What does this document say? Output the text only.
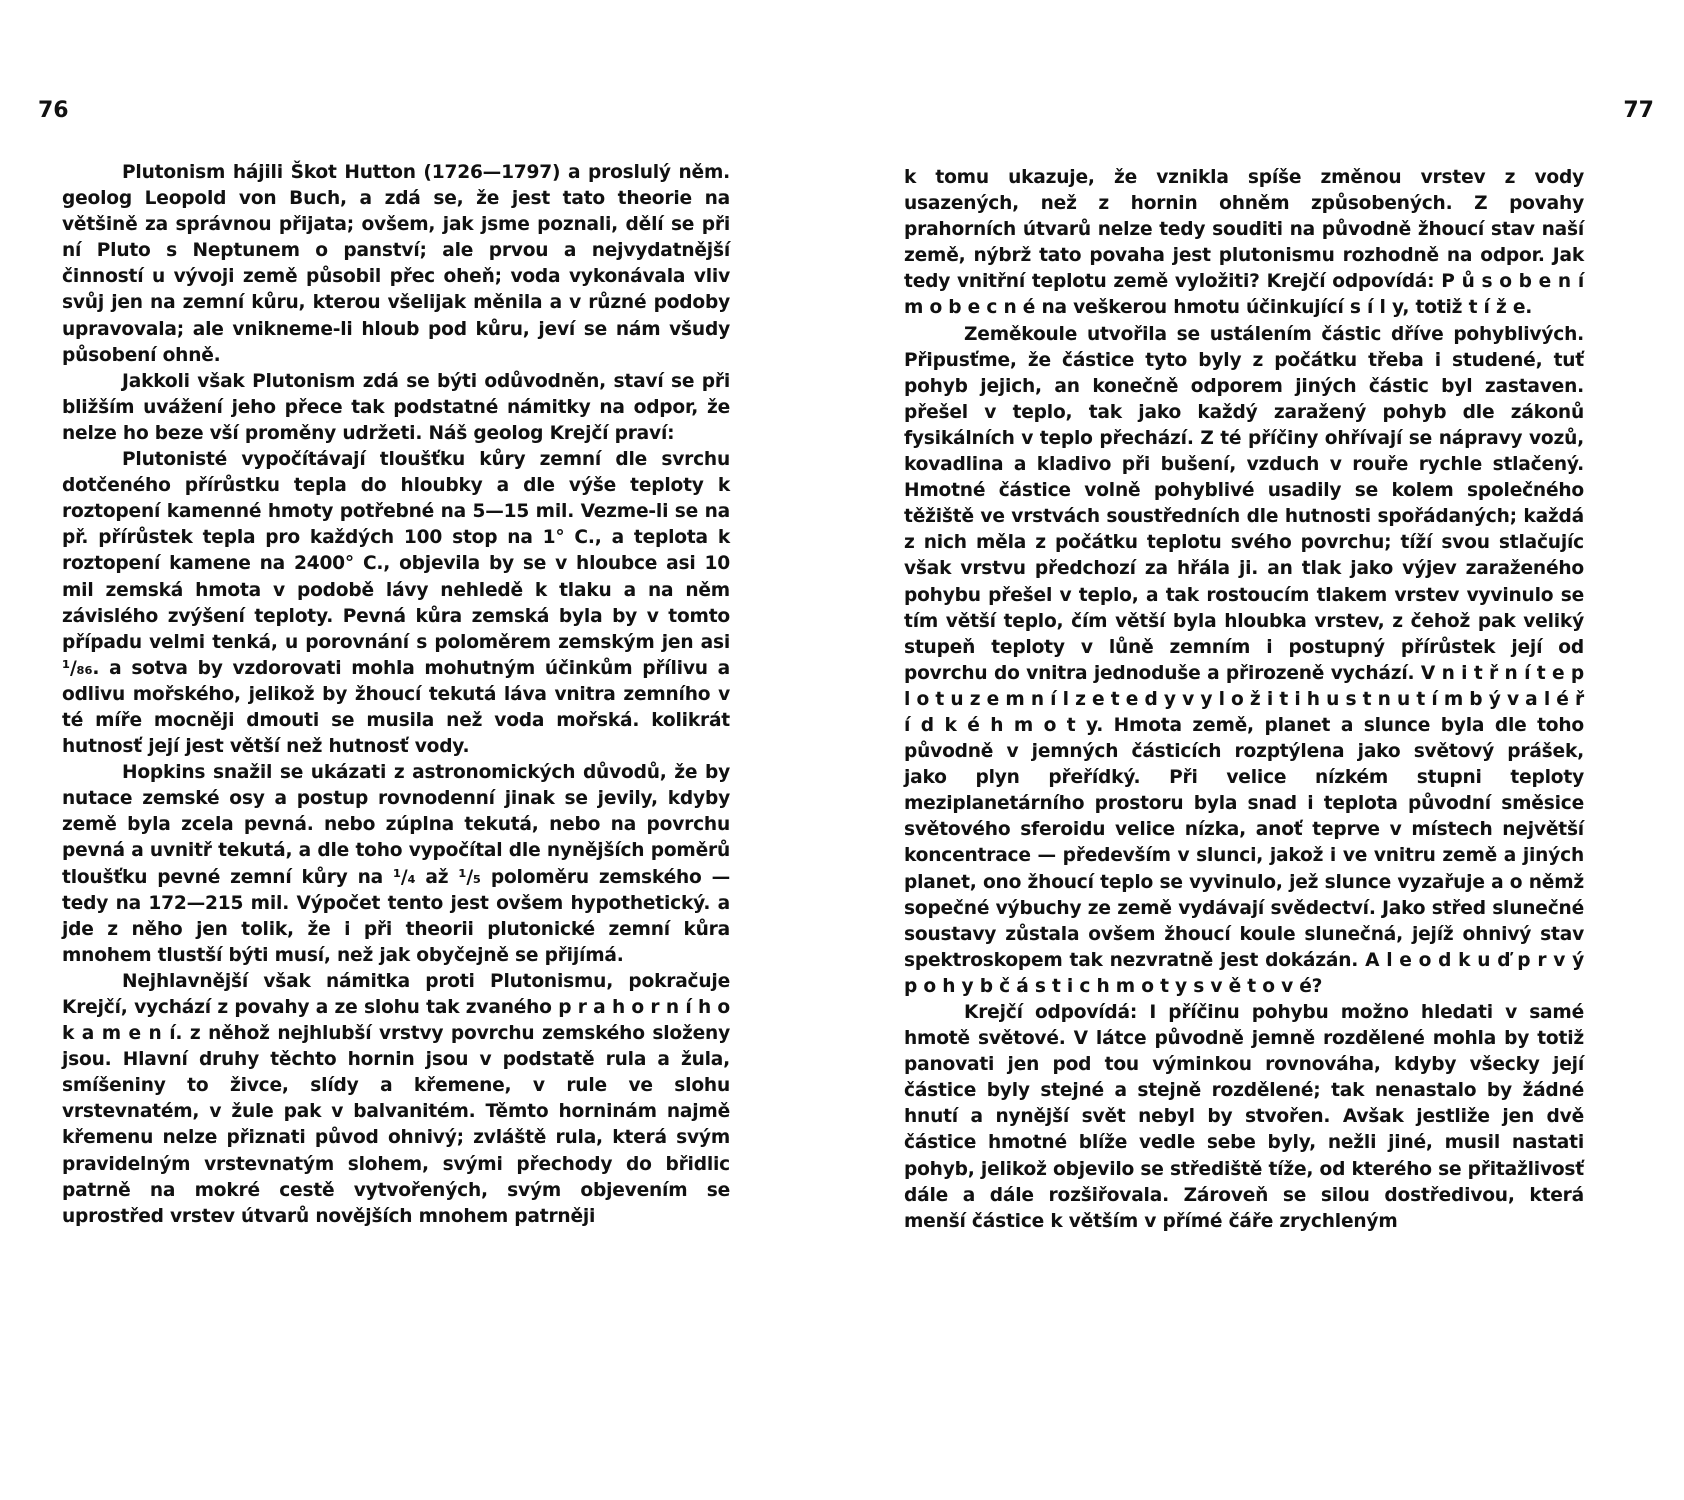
76

Plutonism hájili Škot Hutton (1726—1797) a proslulý něm. geolog Leopold von Buch, a zdá se, že jest tato theorie na většině za správnou přijata; ovšem, jak jsme poznali, dělí se při ní Pluto s Neptunem o panství; ale prvou a nejvydatnější činností u vývoji země působil přec oheň; voda vykonávala vliv svůj jen na zemní kůru, kterou všelijak měnila a v různé podoby upravovala; ale vnikneme-li hloub pod kůru, jeví se nám všudy působení ohně.

Jakkoli však Plutonism zdá se býti odůvodněn, staví se při bližším uvážení jeho přece tak podstatné námitky na odpor, že nelze ho beze vší proměny udržeti. Náš geolog Krejčí praví:

Plutonisté vypočítávají tloušťku kůry zemní dle svrchu dotčeného přírůstku tepla do hloubky a dle výše teploty k roztopení kamenné hmoty potřebné na 5—15 mil. Vezme-li se na př. přírůstek tepla pro každých 100 stop na 1° C., a teplota k roztopení kamene na 2400° C., objevila by se v hloubce asi 10 mil zemská hmota v podobě lávy nehledě k tlaku a na něm závislého zvýšení teploty. Pevná kůra zemská byla by v tomto případu velmi tenká, u porovnání s poloměrem zemským jen asi ¹/₈₆. a sotva by vzdorovati mohla mohutným účinkům přílivu a odlivu mořského, jelikož by žhoucí tekutá láva vnitra zemního v té míře mocněji dmouti se musila než voda mořská. kolikrát hutnosť její jest větší než hutnosť vody.

Hopkins snažil se ukázati z astronomických důvodů, že by nutace zemské osy a postup rovnodenní jinak se jevily, kdyby země byla zcela pevná. nebo zúplna tekutá, nebo na povrchu pevná a uvnitř tekutá, a dle toho vypočítal dle nynějších poměrů tloušťku pevné zemní kůry na ¹/₄ až ¹/₅ poloměru zemského — tedy na 172—215 mil. Výpočet tento jest ovšem hypothetický. a jde z něho jen tolik, že i při theorii plutonické zemní kůra mnohem tlustší býti musí, než jak obyčejně se přijímá.

Nejhlavnější však námitka proti Plutonismu, pokračuje Krejčí, vychází z povahy a ze slohu tak zvaného p r a h o r n í h o k a m e n í. z něhož nejhlubší vrstvy povrchu zemského složeny jsou. Hlavní druhy těchto hornin jsou v podstatě rula a žula, smíšeniny to živce, slídy a křemene, v rule ve slohu vrstevnatém, v žule pak v balvanitém. Těmto horninám najmě křemenu nelze přiznati původ ohnivý; zvláště rula, která svým pravidelným vrstevnatým slohem, svými přechody do břidlic patrně na mokré cestě vytvořených, svým objevením se uprostřed vrstev útvarů novějších mnohem patrněji

77

k tomu ukazuje, že vznikla spíše změnou vrstev z vody usazených, než z hornin ohněm způsobených. Z povahy prahorních útvarů nelze tedy souditi na původně žhoucí stav naší země, nýbrž tato povaha jest plutonismu rozhodně na odpor. Jak tedy vnitřní teplotu země vyložiti? Krejčí odpovídá: P ů s o b e n í m o b e c n é na veškerou hmotu účinkující s í l y, totiž t í ž e.

Zeměkoule utvořila se ustálením částic dříve pohyblivých. Připusťme, že částice tyto byly z počátku třeba i studené, tuť pohyb jejich, an konečně odporem jiných částic byl zastaven. přešel v teplo, tak jako každý zaražený pohyb dle zákonů fysikálních v teplo přechází. Z té příčiny ohřívají se nápravy vozů, kovadlina a kladivo při bušení, vzduch v rouře rychle stlačený. Hmotné částice volně pohyblivé usadily se kolem společného těžiště ve vrstvách soustředních dle hutnosti spořádaných; každá z nich měla z počátku teplotu svého povrchu; tíží svou stlačujíc však vrstvu předchozí za hřála ji. an tlak jako výjev zaraženého pohybu přešel v teplo, a tak rostoucím tlakem vrstev vyvinulo se tím větší teplo, čím větší byla hloubka vrstev, z čehož pak veliký stupeň teploty v lůně zemním i postupný přírůstek její od povrchu do vnitra jednoduše a přirozeně vychází. V n i t ř n í t e p l o t u z e m n í l z e t e d y v y l o ž i t i h u s t n u t í m b ý v a l é ř í d k é h m o t y. Hmota země, planet a slunce byla dle toho původně v jemných částicích rozptýlena jako světový prášek, jako plyn přeřídký. Při velice nízkém stupni teploty meziplanetárního prostoru byla snad i teplota původní směsice světového sferoidu velice nízka, anoť teprve v místech největší koncentrace — především v slunci, jakož i ve vnitru země a jiných planet, ono žhoucí teplo se vyvinulo, jež slunce vyzařuje a o němž sopečné výbuchy ze země vydávají svědectví. Jako střed slunečné soustavy zůstala ovšem žhoucí koule slunečná, jejíž ohnivý stav spektroskopem tak nezvratně jest dokázán. A l e o d k u ď p r v ý p o h y b č á s t i c h m o t y s v ě t o v é?

Krejčí odpovídá: I příčinu pohybu možno hledati v samé hmotě světové. V látce původně jemně rozdělené mohla by totiž panovati jen pod tou výminkou rovnováha, kdyby všecky její částice byly stejné a stejně rozdělené; tak nenastalo by žádné hnutí a nynější svět nebyl by stvořen. Avšak jestliže jen dvě částice hmotné blíže vedle sebe byly, nežli jiné, musil nastati pohyb, jelikož objevilo se střediště tíže, od kterého se přitažlivosť dále a dále rozšiřovala. Zároveň se silou dostředivou, která menší částice k větším v přímé čáře zrychleným
